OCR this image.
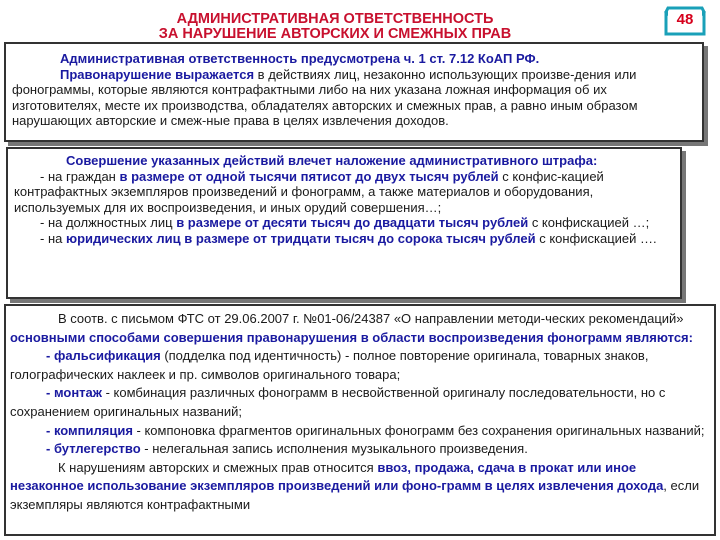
АДМИНИСТРАТИВНАЯ ОТВЕТСТВЕННОСТЬ
ЗА НАРУШЕНИЕ АВТОРСКИХ И СМЕЖНЫХ ПРАВ
48

Административная ответственность предусмотрена ч. 1 ст. 7.12 КоАП РФ.

Правонарушение выражается в действиях лиц, незаконно использующих произве-дения или фонограммы, которые являются контрафактными либо на них указана ложная информация об их изготовителях, месте их производства, обладателях авторских и смежных прав, а равно иным образом нарушающих авторские и смеж-ные права в целях извлечения доходов.

Совершение указанных действий влечет наложение административного штрафа:

- на граждан в размере от одной тысячи пятисот до двух тысяч рублей с конфис-кацией контрафактных экземпляров произведений и фонограмм, а также материалов и оборудования, используемых для их воспроизведения, и иных орудий совершения…;

- на должностных лиц в размере от десяти тысяч до двадцати тысяч рублей с конфискацией …;

- на юридических лиц в размере от тридцати тысяч до сорока тысяч рублей с конфискацией ….

В соотв. с письмом ФТС от 29.06.2007 г. №01-06/24387 «О направлении методи-ческих рекомендаций» основными способами совершения правонарушения в области воспроизведения фонограмм являются:

- фальсификация (подделка под идентичность) - полное повторение оригинала, товарных знаков, голографических наклеек и пр. символов оригинального товара;

- монтаж - комбинация различных фонограмм в несвойственной оригиналу последовательности, но с сохранением оригинальных названий;

- компиляция - компоновка фрагментов оригинальных фонограмм без сохранения оригинальных названий;

- бутлегерство - нелегальная запись исполнения музыкального произведения.

К нарушениям авторских и смежных прав относится ввоз, продажа, сдача в прокат или иное незаконное использование экземпляров произведений или фоно-грамм в целях извлечения дохода, если экземпляры являются контрафактными
